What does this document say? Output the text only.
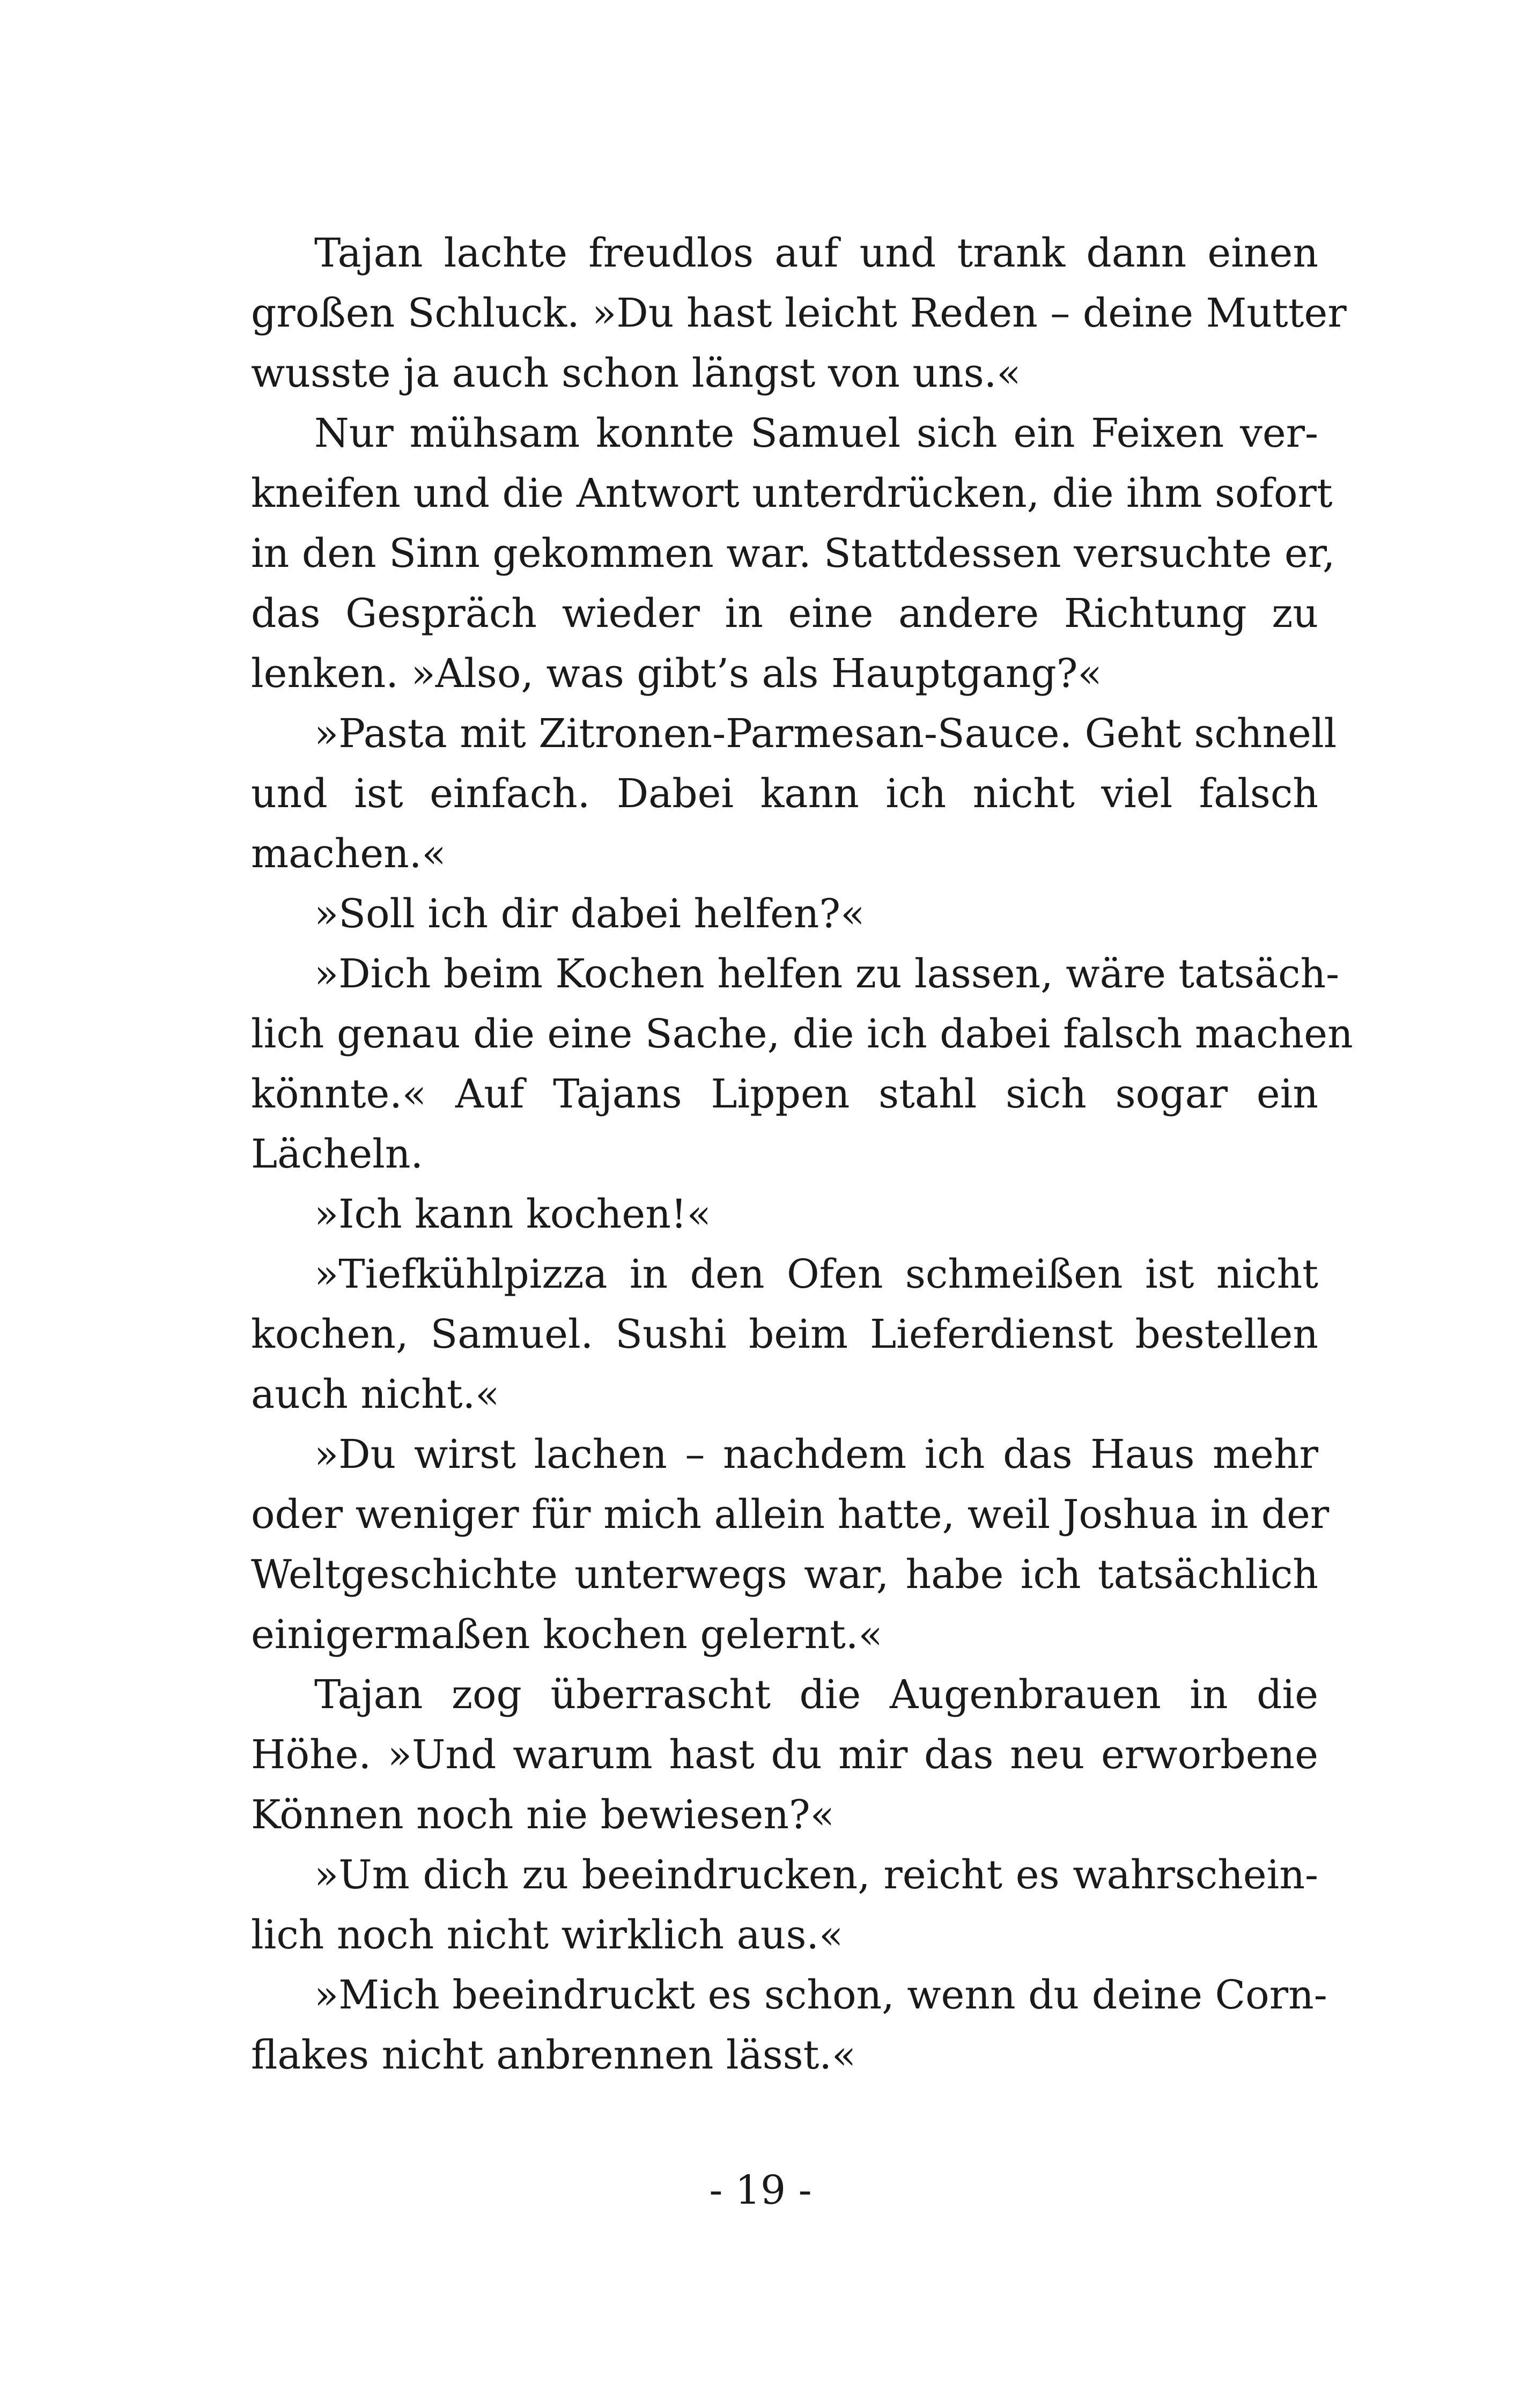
Tajan lachte freudlos auf und trank dann einen
großen Schluck. »Du hast leicht Reden – deine Mutter
wusste ja auch schon längst von uns.«
Nur mühsam konnte Samuel sich ein Feixen ver-
kneifen und die Antwort unterdrücken, die ihm sofort
in den Sinn gekommen war. Stattdessen versuchte er,
das Gespräch wieder in eine andere Richtung zu
lenken. »Also, was gibt’s als Hauptgang?«
»Pasta mit Zitronen-Parmesan-Sauce. Geht schnell
und ist einfach. Dabei kann ich nicht viel falsch
machen.«
»Soll ich dir dabei helfen?«
»Dich beim Kochen helfen zu lassen, wäre tatsäch-
lich genau die eine Sache, die ich dabei falsch machen
könnte.« Auf Tajans Lippen stahl sich sogar ein
Lächeln.
»Ich kann kochen!«
»Tiefkühlpizza in den Ofen schmeißen ist nicht
kochen, Samuel. Sushi beim Lieferdienst bestellen
auch nicht.«
»Du wirst lachen – nachdem ich das Haus mehr
oder weniger für mich allein hatte, weil Joshua in der
Weltgeschichte unterwegs war, habe ich tatsächlich
einigermaßen kochen gelernt.«
Tajan zog überrascht die Augenbrauen in die
Höhe. »Und warum hast du mir das neu erworbene
Können noch nie bewiesen?«
»Um dich zu beeindrucken, reicht es wahrschein-
lich noch nicht wirklich aus.«
»Mich beeindruckt es schon, wenn du deine Corn-
flakes nicht anbrennen lässt.«
- 19 -
